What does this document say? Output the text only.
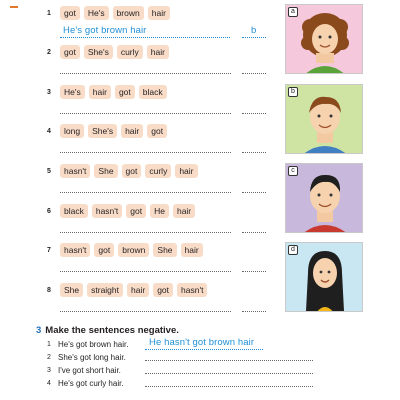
1	got	He's	brown	hair
He's got brown hair	b
2	got	She's	curly	hair
3	He's	hair	got	black
4	long	She's	hair	got
5	hasn't	She	got	curly	hair
6	black	hasn't	got	He	hair
7	hasn't	got	brown	She	hair
8	She	straight	hair	got	hasn't
a
b
c
d
3 Make the sentences negative.
1 He's got brown hair. He hasn't got brown hair
2 She's got long hair.
3 I've got short hair.
4 He's got curly hair.
